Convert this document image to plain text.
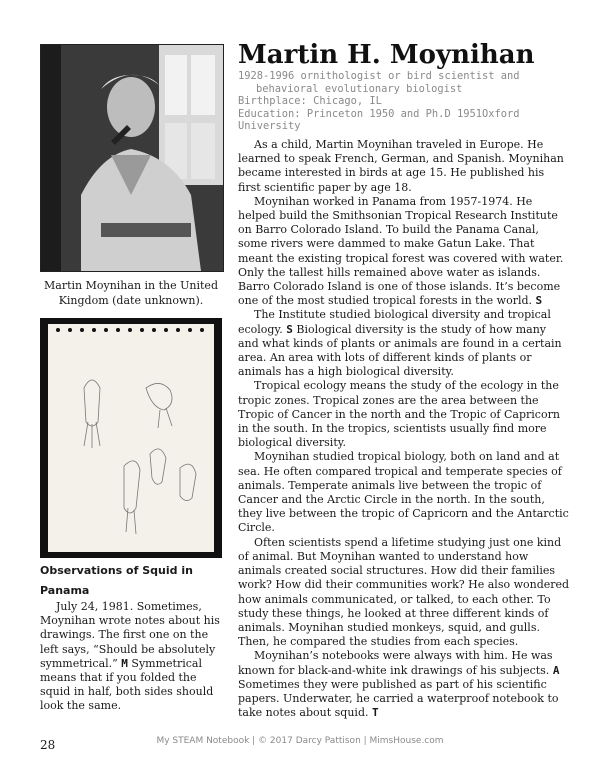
Martin Moynihan in the United Kingdom (date unknown).
Observations of Squid in Panama

July 24, 1981. Sometimes, Moynihan wrote notes about his drawings. The first one on the left says, “Should be absolutely symmetrical.” M Symmetrical means that if you folded the squid in half, both sides should look the same.

Martin H. Moynihan
1928-1996 ornithologist or bird scientist and behavioral evolutionary biologist
Birthplace: Chicago, IL
Education: Princeton 1950 and Ph.D 1951Oxford University

As a child, Martin Moynihan traveled in Europe. He learned to speak French, German, and Spanish. Moynihan became interested in birds at age 15. He published his first scientific paper by age 18.

Moynihan worked in Panama from 1957-1974. He helped build the Smithsonian Tropical Research Institute on Barro Colorado Island. To build the Panama Canal, some rivers were dammed to make Gatun Lake. That meant the existing tropical forest was covered with water. Only the tallest hills remained above water as islands. Barro Colorado Island is one of those islands. It’s become one of the most studied tropical forests in the world. S

The Institute studied biological diversity and tropical ecology. S Biological diversity is the study of how many and what kinds of plants or animals are found in a certain area. An area with lots of different kinds of plants or animals has a high biological diversity.

Tropical ecology means the study of the ecology in the tropic zones. Tropical zones are the area between the Tropic of Cancer in the north and the Tropic of Capricorn in the south. In the tropics, scientists usually find more biological diversity.

Moynihan studied tropical biology, both on land and at sea. He often compared tropical and temperate species of animals. Temperate animals live between the tropic of Cancer and the Arctic Circle in the north. In the south, they live between the tropic of Capricorn and the Antarctic Circle.

Often scientists spend a lifetime studying just one kind of animal. But Moynihan wanted to understand how animals created social structures. How did their families work? How did their communities work? He also wondered how animals communicated, or talked, to each other. To study these things, he looked at three different kinds of animals. Moynihan studied monkeys, squid, and gulls. Then, he compared the studies from each species.

Moynihan’s notebooks were always with him. He was known for black-and-white ink drawings of his subjects. A Sometimes they were published as part of his scientific papers. Underwater, he carried a waterproof notebook to take notes about squid. T

28	My STEAM Notebook | © 2017 Darcy Pattison | MimsHouse.com
